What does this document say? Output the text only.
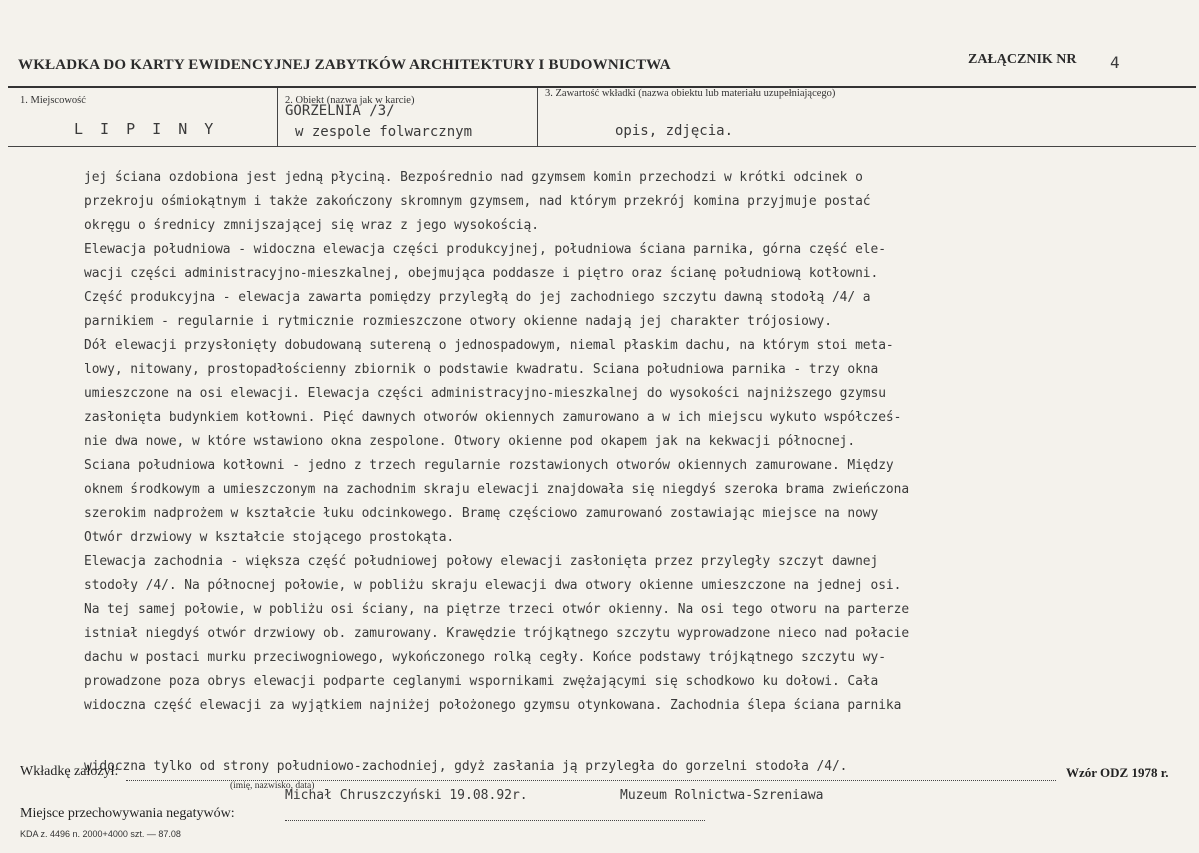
WKŁADKA DO KARTY EWIDENCYJNEJ ZABYTKÓW ARCHITEKTURY I BUDOWNICTWA	ZAŁĄCZNIK NR 4
1. Miejscowość
L I P I N Y
2. Obiekt (nazwa jak w karcie)
GORZELNIA /3/
w zespole folwarcznym
3. Zawartość wkładki (nazwa obiektu lub materiału uzupełniającego)
opis, zdjęcia.
jej ściana ozdobiona jest jedną płyciną. Bezpośrednio nad gzymsem komin przechodzi w krótki odcinek o
przekroju ośmiokątnym i także zakończony skromnym gzymsem, nad którym przekrój komina przyjmuje postać
okręgu o średnicy zmnijszającej się wraz z jego wysokością.
Elewacja południowa - widoczna elewacja części produkcyjnej, południowa ściana parnika, górna część ele-
wacji części administracyjno-mieszkalnej, obejmująca poddasze i piętro oraz ścianę południową kotłowni.
Część produkcyjna - elewacja zawarta pomiędzy przyległą do jej zachodniego szczytu dawną stodołą /4/ a
parnikiem - regularnie i rytmicznie rozmieszczone otwory okienne nadają jej charakter trójosiowy.
Dół elewacji przysłonięty dobudowaną sutereną o jednospadowym, niemal płaskim dachu, na którym stoi meta-
lowy, nitowany, prostopadłościenny zbiornik o podstawie kwadratu. Sciana południowa parnika - trzy okna
umieszczone na osi elewacji. Elewacja części administracyjno-mieszkalnej do wysokości najniższego gzymsu
zasłonięta budynkiem kotłowni. Pięć dawnych otworów okiennych zamurowano a w ich miejscu wykuto współcześ-
nie dwa nowe, w które wstawiono okna zespolone. Otwory okienne pod okapem jak na kekwacji północnej.
Sciana południowa kotłowni - jedno z trzech regularnie rozstawionych otworów okiennych zamurowane. Między
oknem środkowym a umieszczonym na zachodnim skraju elewacji znajdowała się niegdyś szeroka brama zwieńczona
szerokim nadprożem w kształcie łuku odcinkowego. Bramę częściowo zamurowanó zostawiając miejsce na nowy
Otwór drzwiowy w kształcie stojącego prostokąta.
Elewacja zachodnia - większa część południowej połowy elewacji zasłonięta przez przyległy szczyt dawnej
stodoły /4/. Na północnej połowie, w pobliżu skraju elewacji dwa otwory okienne umieszczone na jednej osi.
Na tej samej połowie, w pobliżu osi ściany, na piętrze trzeci otwór okienny. Na osi tego otworu na parterze
istniał niegdyś otwór drzwiowy ob. zamurowany. Krawędzie trójkątnego szczytu wyprowadzone nieco nad połacie
dachu w postaci murku przeciwogniowego, wykończonego rolką cegły. Końce podstawy trójkątnego szczytu wy-
prowadzone poza obrys elewacji podparte ceglanymi wspornikami zwężającymi się schodkowo ku dołowi. Cała
widoczna część elewacji za wyjątkiem najniżej położonego gzymsu otynkowana. Zachodnia ślepa ściana parnika
widoczna tylko od strony południowo-zachodniej, gdyż zasłania ją przyległa do gorzelni stodoła /4/.
Wkładkę założył:
(imię, nazwisko, data)
Wzór ODZ 1978 r.
Michał Chruszczyński 19.08.92r.	Muzeum Rolnictwa-Szreniawa
Miejsce przechowywania negatywów:
KDA z. 4496 n. 2000+4000 szt. — 87.08
